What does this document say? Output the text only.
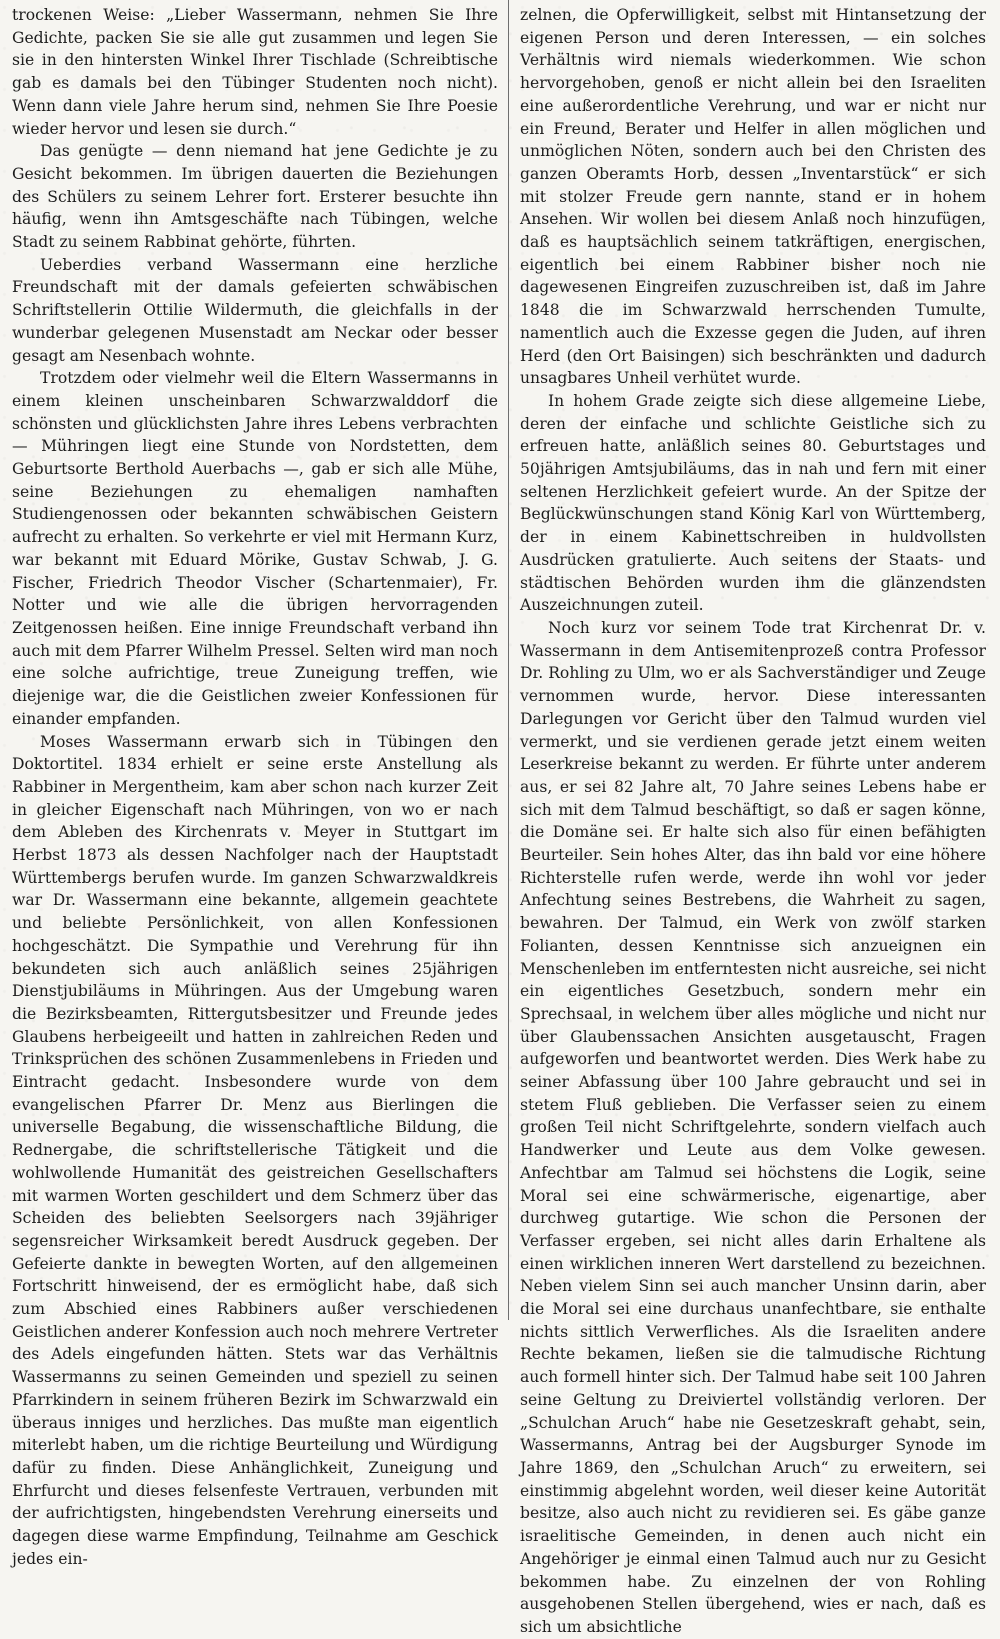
trockenen Weise: „Lieber Wassermann, nehmen Sie Ihre Gedichte, packen Sie sie alle gut zusammen und legen Sie sie in den hintersten Winkel Ihrer Tischlade (Schreibtische gab es damals bei den Tübinger Studenten noch nicht). Wenn dann viele Jahre herum sind, nehmen Sie Ihre Poesie wieder hervor und lesen sie durch.“

Das genügte — denn niemand hat jene Gedichte je zu Gesicht bekommen. Im übrigen dauerten die Beziehungen des Schülers zu seinem Lehrer fort. Ersterer besuchte ihn häufig, wenn ihn Amtsgeschäfte nach Tübingen, welche Stadt zu seinem Rabbinat gehörte, führten.

Ueberdies verband Wassermann eine herzliche Freundschaft mit der damals gefeierten schwäbischen Schriftstellerin Ottilie Wildermuth, die gleichfalls in der wunderbar gelegenen Musenstadt am Neckar oder besser gesagt am Nesenbach wohnte.

Trotzdem oder vielmehr weil die Eltern Wassermanns in einem kleinen unscheinbaren Schwarzwalddorf die schönsten und glücklichsten Jahre ihres Lebens verbrachten — Mühringen liegt eine Stunde von Nordstetten, dem Geburtsorte Berthold Auerbachs —, gab er sich alle Mühe, seine Beziehungen zu ehemaligen namhaften Studiengenossen oder bekannten schwäbischen Geistern aufrecht zu erhalten. So verkehrte er viel mit Hermann Kurz, war bekannt mit Eduard Mörike, Gustav Schwab, J. G. Fischer, Friedrich Theodor Vischer (Schartenmaier), Fr. Notter und wie alle die übrigen hervorragenden Zeitgenossen heißen. Eine innige Freundschaft verband ihn auch mit dem Pfarrer Wilhelm Pressel. Selten wird man noch eine solche aufrichtige, treue Zuneigung treffen, wie diejenige war, die die Geistlichen zweier Konfessionen für einander empfanden.

Moses Wassermann erwarb sich in Tübingen den Doktortitel. 1834 erhielt er seine erste Anstellung als Rabbiner in Mergentheim, kam aber schon nach kurzer Zeit in gleicher Eigenschaft nach Mühringen, von wo er nach dem Ableben des Kirchenrats v. Meyer in Stuttgart im Herbst 1873 als dessen Nachfolger nach der Hauptstadt Württembergs berufen wurde. Im ganzen Schwarzwaldkreis war Dr. Wassermann eine bekannte, allgemein geachtete und beliebte Persönlichkeit, von allen Konfessionen hochgeschätzt. Die Sympathie und Verehrung für ihn bekundeten sich auch anläßlich seines 25jährigen Dienstjubiläums in Mühringen. Aus der Umgebung waren die Bezirksbeamten, Rittergutsbesitzer und Freunde jedes Glaubens herbeigeeilt und hatten in zahlreichen Reden und Trinksprüchen des schönen Zusammenlebens in Frieden und Eintracht gedacht. Insbesondere wurde von dem evangelischen Pfarrer Dr. Menz aus Bierlingen die universelle Begabung, die wissenschaftliche Bildung, die Rednergabe, die schriftstellerische Tätigkeit und die wohlwollende Humanität des geistreichen Gesellschafters mit warmen Worten geschildert und dem Schmerz über das Scheiden des beliebten Seelsorgers nach 39jähriger segensreicher Wirksamkeit beredt Ausdruck gegeben. Der Gefeierte dankte in bewegten Worten, auf den allgemeinen Fortschritt hinweisend, der es ermöglicht habe, daß sich zum Abschied eines Rabbiners außer verschiedenen Geistlichen anderer Konfession auch noch mehrere Vertreter des Adels eingefunden hätten. Stets war das Verhältnis Wassermanns zu seinen Gemeinden und speziell zu seinen Pfarrkindern in seinem früheren Bezirk im Schwarzwald ein überaus inniges und herzliches. Das mußte man eigentlich miterlebt haben, um die richtige Beurteilung und Würdigung dafür zu finden. Diese Anhänglichkeit, Zuneigung und Ehrfurcht und dieses felsenfeste Vertrauen, verbunden mit der aufrichtigsten, hingebendsten Verehrung einerseits und dagegen diese warme Empfindung, Teilnahme am Geschick jedes ein-

zelnen, die Opferwilligkeit, selbst mit Hintansetzung der eigenen Person und deren Interessen, — ein solches Verhältnis wird niemals wiederkommen. Wie schon hervorgehoben, genoß er nicht allein bei den Israeliten eine außerordentliche Verehrung, und war er nicht nur ein Freund, Berater und Helfer in allen möglichen und unmöglichen Nöten, sondern auch bei den Christen des ganzen Oberamts Horb, dessen „Inventarstück“ er sich mit stolzer Freude gern nannte, stand er in hohem Ansehen. Wir wollen bei diesem Anlaß noch hinzufügen, daß es hauptsächlich seinem tatkräftigen, energischen, eigentlich bei einem Rabbiner bisher noch nie dagewesenen Eingreifen zuzuschreiben ist, daß im Jahre 1848 die im Schwarzwald herrschenden Tumulte, namentlich auch die Exzesse gegen die Juden, auf ihren Herd (den Ort Baisingen) sich beschränkten und dadurch unsagbares Unheil verhütet wurde.

In hohem Grade zeigte sich diese allgemeine Liebe, deren der einfache und schlichte Geistliche sich zu erfreuen hatte, anläßlich seines 80. Geburtstages und 50jährigen Amtsjubiläums, das in nah und fern mit einer seltenen Herzlichkeit gefeiert wurde. An der Spitze der Beglückwünschungen stand König Karl von Württemberg, der in einem Kabinettschreiben in huldvollsten Ausdrücken gratulierte. Auch seitens der Staats- und städtischen Behörden wurden ihm die glänzendsten Auszeichnungen zuteil.

Noch kurz vor seinem Tode trat Kirchenrat Dr. v. Wassermann in dem Antisemitenprozeß contra Professor Dr. Rohling zu Ulm, wo er als Sachverständiger und Zeuge vernommen wurde, hervor. Diese interessanten Darlegungen vor Gericht über den Talmud wurden viel vermerkt, und sie verdienen gerade jetzt einem weiten Leserkreise bekannt zu werden. Er führte unter anderem aus, er sei 82 Jahre alt, 70 Jahre seines Lebens habe er sich mit dem Talmud beschäftigt, so daß er sagen könne, die Domäne sei. Er halte sich also für einen befähigten Beurteiler. Sein hohes Alter, das ihn bald vor eine höhere Richterstelle rufen werde, werde ihn wohl vor jeder Anfechtung seines Bestrebens, die Wahrheit zu sagen, bewahren. Der Talmud, ein Werk von zwölf starken Folianten, dessen Kenntnisse sich anzueignen ein Menschenleben im entferntesten nicht ausreiche, sei nicht ein eigentliches Gesetzbuch, sondern mehr ein Sprechsaal, in welchem über alles mögliche und nicht nur über Glaubenssachen Ansichten ausgetauscht, Fragen aufgeworfen und beantwortet werden. Dies Werk habe zu seiner Abfassung über 100 Jahre gebraucht und sei in stetem Fluß geblieben. Die Verfasser seien zu einem großen Teil nicht Schriftgelehrte, sondern vielfach auch Handwerker und Leute aus dem Volke gewesen. Anfechtbar am Talmud sei höchstens die Logik, seine Moral sei eine schwärmerische, eigenartige, aber durchweg gutartige. Wie schon die Personen der Verfasser ergeben, sei nicht alles darin Erhaltene als einen wirklichen inneren Wert darstellend zu bezeichnen. Neben vielem Sinn sei auch mancher Unsinn darin, aber die Moral sei eine durchaus unanfechtbare, sie enthalte nichts sittlich Verwerfliches. Als die Israeliten andere Rechte bekamen, ließen sie die talmudische Richtung auch formell hinter sich. Der Talmud habe seit 100 Jahren seine Geltung zu Dreiviertel vollständig verloren. Der „Schulchan Aruch“ habe nie Gesetzeskraft gehabt, sein, Wassermanns, Antrag bei der Augsburger Synode im Jahre 1869, den „Schulchan Aruch“ zu erweitern, sei einstimmig abgelehnt worden, weil dieser keine Autorität besitze, also auch nicht zu revidieren sei. Es gäbe ganze israelitische Gemeinden, in denen auch nicht ein Angehöriger je einmal einen Talmud auch nur zu Gesicht bekommen habe. Zu einzelnen der von Rohling ausgehobenen Stellen übergehend, wies er nach, daß es sich um absichtliche
